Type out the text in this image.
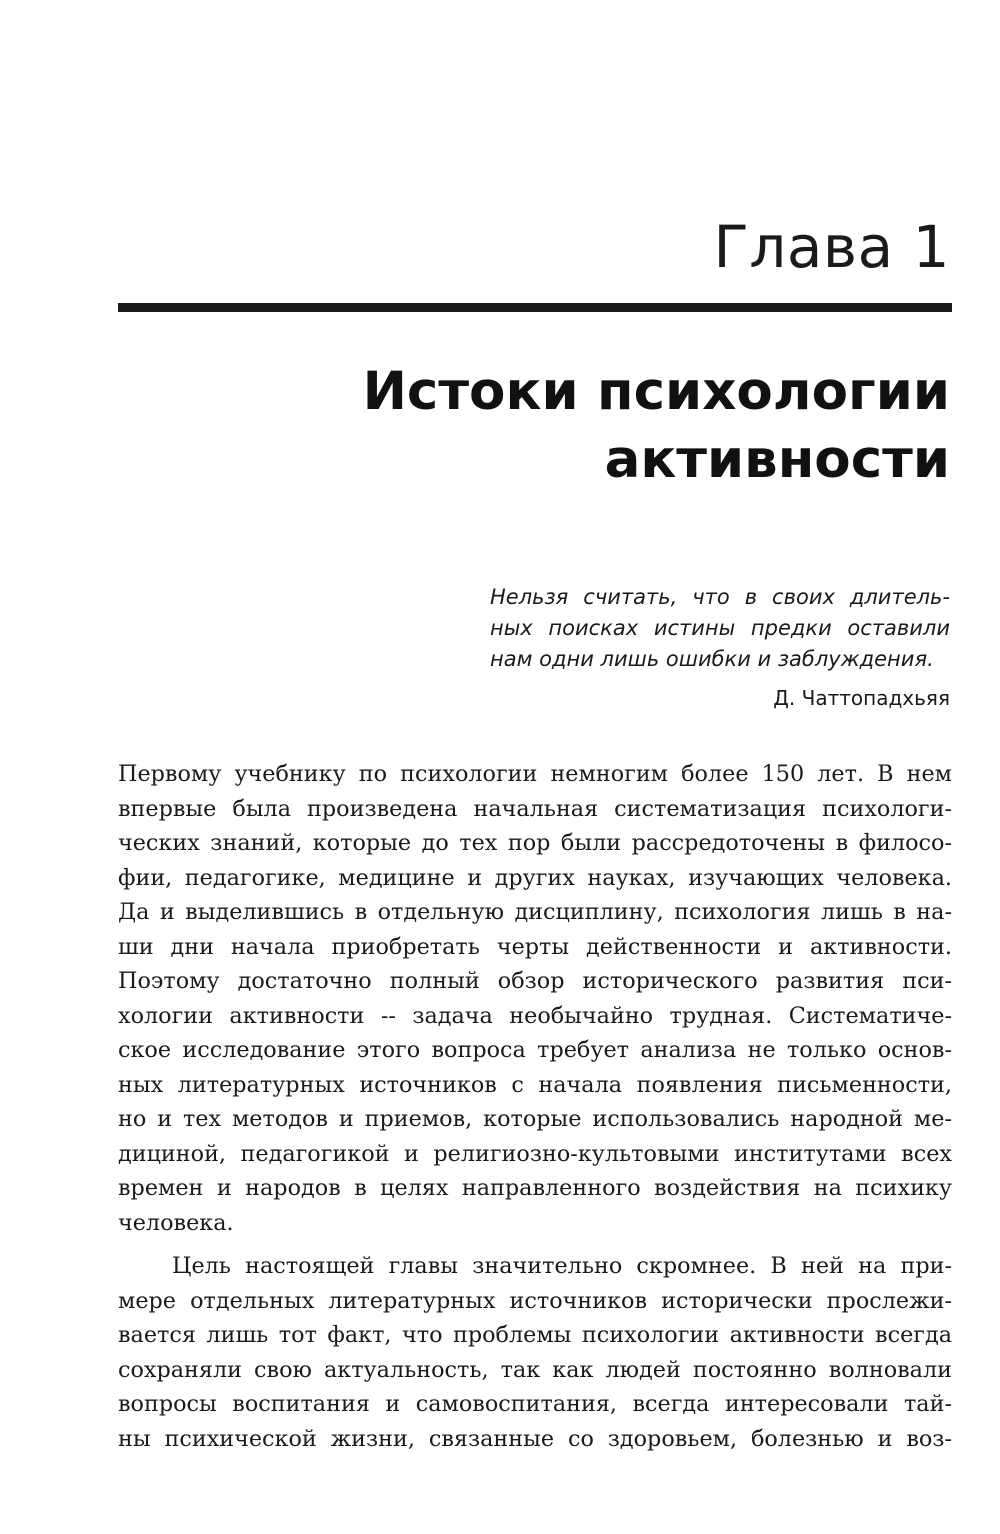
Глава 1
Истоки психологии
активности
Нельзя считать, что в своих длитель-
ных поисках истины предки оставили
нам одни лишь ошибки и заблуждения.
Д. Чаттопадхьяя
Первому учебнику по психологии немногим более 150 лет. В нем
впервые была произведена начальная систематизация психологи-
ческих знаний, которые до тех пор были рассредоточены в филосо-
фии, педагогике, медицине и других науках, изучающих человека.
Да и выделившись в отдельную дисциплину, психология лишь в на-
ши дни начала приобретать черты действенности и активности.
Поэтому достаточно полный обзор исторического развития пси-
хологии активности -- задача необычайно трудная. Систематиче-
ское исследование этого вопроса требует анализа не только основ-
ных литературных источников с начала появления письменности,
но и тех методов и приемов, которые использовались народной ме-
дициной, педагогикой и религиозно-культовыми институтами всех
времен и народов в целях направленного воздействия на психику
человека.
Цель настоящей главы значительно скромнее. В ней на при-
мере отдельных литературных источников исторически прослежи-
вается лишь тот факт, что проблемы психологии активности всегда
сохраняли свою актуальность, так как людей постоянно волновали
вопросы воспитания и самовоспитания, всегда интересовали тай-
ны психической жизни, связанные со здоровьем, болезнью и воз-
